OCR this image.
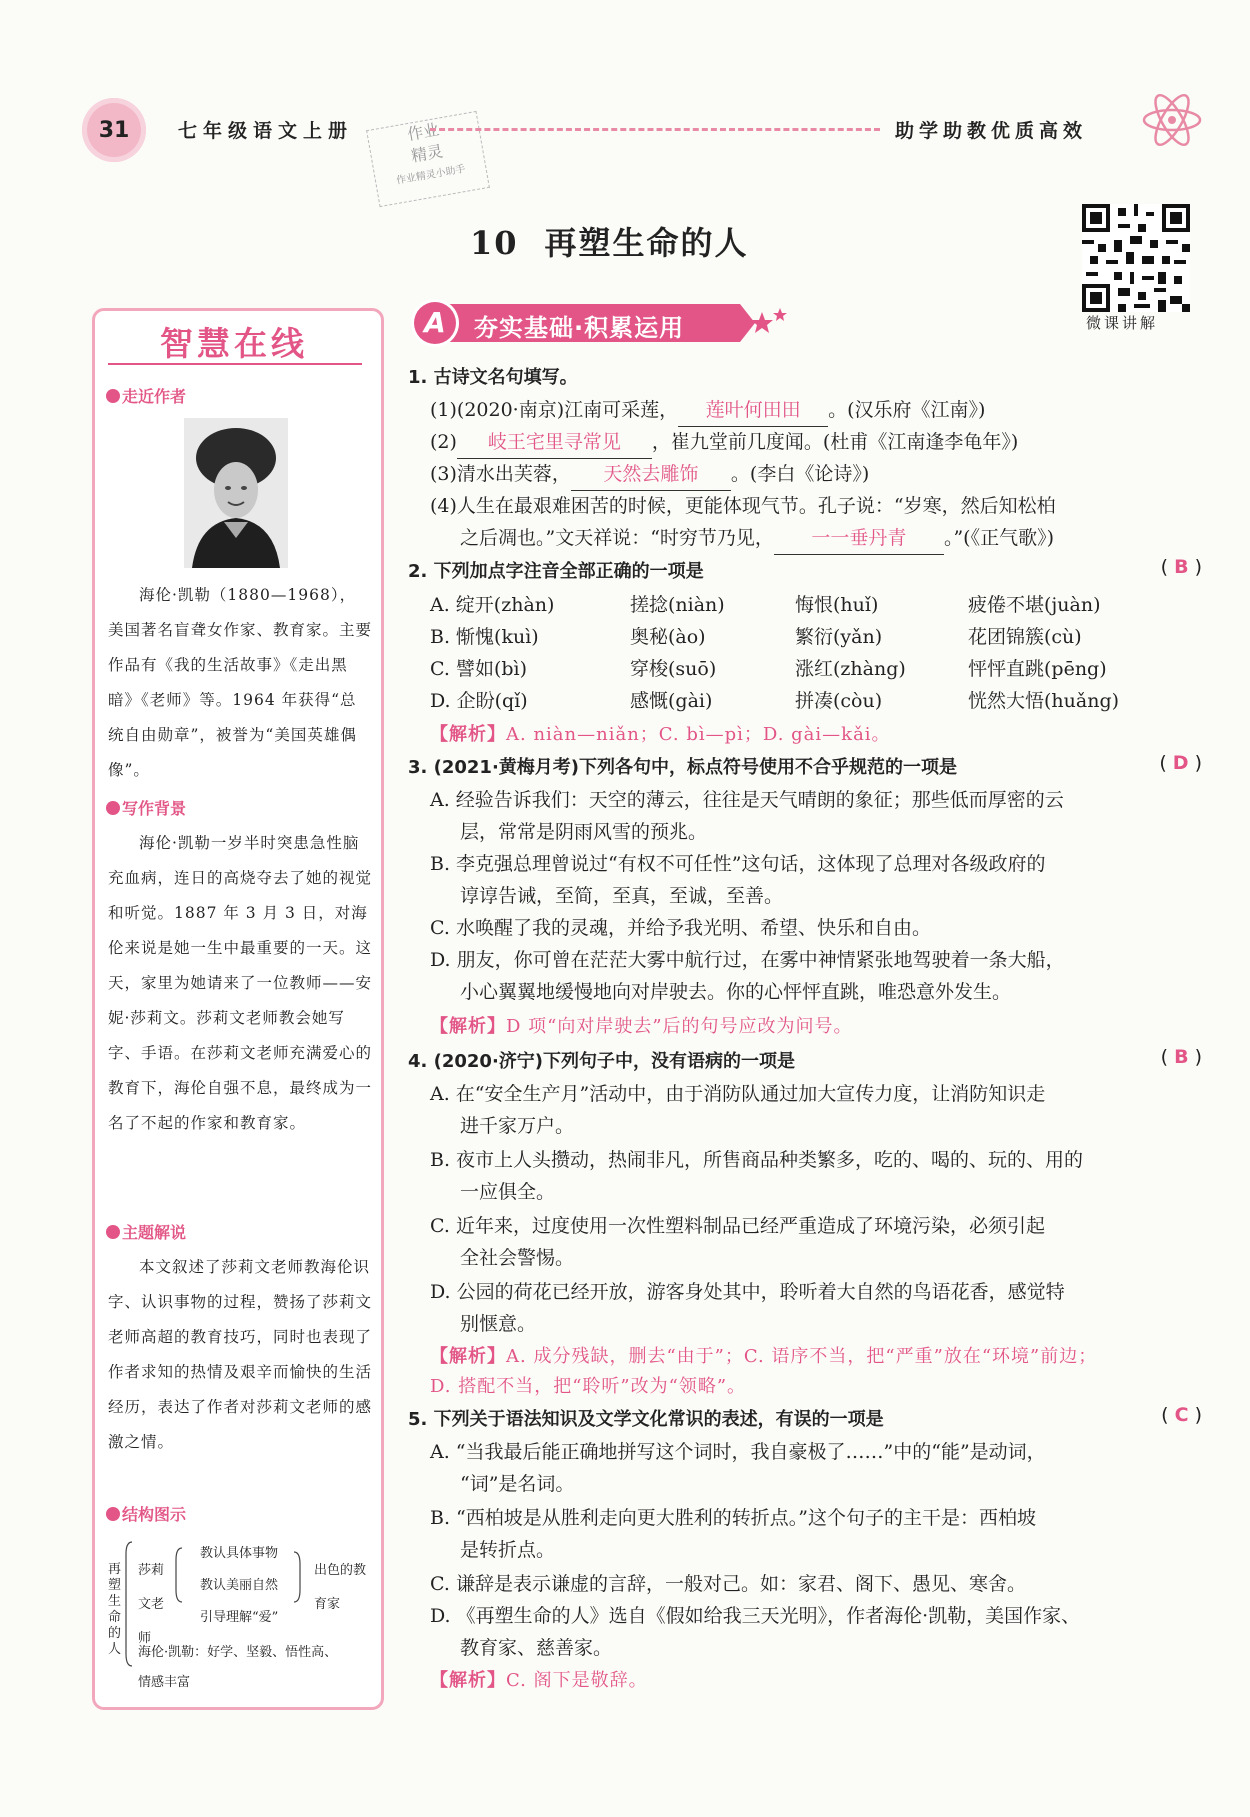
31	七年级语文上册	作业
精灵
作业精灵小助手
助学助教优质高效
10 再塑生命的人
微课讲解
智慧在线
走近作者
海伦·凯勒（1880—1968），美国著名盲聋女作家、教育家。主要作品有《我的生活故事》《走出黑暗》《老师》等。1964 年获得“总统自由勋章”，被誉为“美国英雄偶像”。
写作背景
海伦·凯勒一岁半时突患急性脑充血病，连日的高烧夺去了她的视觉和听觉。1887 年 3 月 3 日，对海伦来说是她一生中最重要的一天。这天，家里为她请来了一位教师——安妮·莎莉文。莎莉文老师教会她写字、手语。在莎莉文老师充满爱心的教育下，海伦自强不息，最终成为一名了不起的作家和教育家。
主题解说
本文叙述了莎莉文老师教海伦识字、认识事物的过程，赞扬了莎莉文老师高超的教育技巧，同时也表现了作者求知的热情及艰辛而愉快的生活经历，表达了作者对莎莉文老师的感激之情。
结构图示
再塑生命的人
莎莉文老师
教认具体事物
教认美丽自然
引导理解“爱”
出色的教育家
海伦·凯勒：好学、坚毅、悟性高、情感丰富
A 夯实基础·积累运用
1. 古诗文名句填写。
(1)(2020·南京)江南可采莲， 莲叶何田田 。(汉乐府《江南》)
(2) 岐王宅里寻常见 ，崔九堂前几度闻。(杜甫《江南逢李龟年》)
(3)清水出芙蓉， 天然去雕饰 。(李白《论诗》)
(4)人生在最艰难困苦的时候，更能体现气节。孔子说：“岁寒，然后知松柏
之后凋也。”文天祥说：“时穷节乃见， 一一垂丹青 。”(《正气歌》)
2. 下列加点字注音全部正确的一项是	( B )
A. 绽开(zhàn)	搓捻(niàn)	悔恨(huǐ)	疲倦不堪(juàn)
B. 惭愧(kuì)	奥秘(ào)	繁衍(yǎn)	花团锦簇(cù)
C. 譬如(bì)	穿梭(suō)	涨红(zhàng)	怦怦直跳(pēng)
D. 企盼(qǐ)	感慨(gài)	拼凑(còu)	恍然大悟(huǎng)
【解析】A. niàn—niǎn；C. bì—pì；D. gài—kǎi。
3. (2021·黄梅月考)下列各句中，标点符号使用不合乎规范的一项是	( D )
A. 经验告诉我们：天空的薄云，往往是天气晴朗的象征；那些低而厚密的云
层，常常是阴雨风雪的预兆。
B. 李克强总理曾说过“有权不可任性”这句话，这体现了总理对各级政府的
谆谆告诫，至简，至真，至诚，至善。
C. 水唤醒了我的灵魂，并给予我光明、希望、快乐和自由。
D. 朋友，你可曾在茫茫大雾中航行过，在雾中神情紧张地驾驶着一条大船，
小心翼翼地缓慢地向对岸驶去。你的心怦怦直跳，唯恐意外发生。
【解析】D 项“向对岸驶去”后的句号应改为问号。
4. (2020·济宁)下列句子中，没有语病的一项是	( B )
A. 在“安全生产月”活动中，由于消防队通过加大宣传力度，让消防知识走
进千家万户。
B. 夜市上人头攒动，热闹非凡，所售商品种类繁多，吃的、喝的、玩的、用的
一应俱全。
C. 近年来，过度使用一次性塑料制品已经严重造成了环境污染，必须引起
全社会警惕。
D. 公园的荷花已经开放，游客身处其中，聆听着大自然的鸟语花香，感觉特
别惬意。
【解析】A. 成分残缺，删去“由于”；C. 语序不当，把“严重”放在“环境”前边；
D. 搭配不当，把“聆听”改为“领略”。
5. 下列关于语法知识及文学文化常识的表述，有误的一项是	( C )
A. “当我最后能正确地拼写这个词时，我自豪极了……”中的“能”是动词，
“词”是名词。
B. “西柏坡是从胜利走向更大胜利的转折点。”这个句子的主干是：西柏坡
是转折点。
C. 谦辞是表示谦虚的言辞，一般对己。如：家君、阁下、愚见、寒舍。
D. 《再塑生命的人》选自《假如给我三天光明》，作者海伦·凯勒，美国作家、
教育家、慈善家。
【解析】C. 阁下是敬辞。
